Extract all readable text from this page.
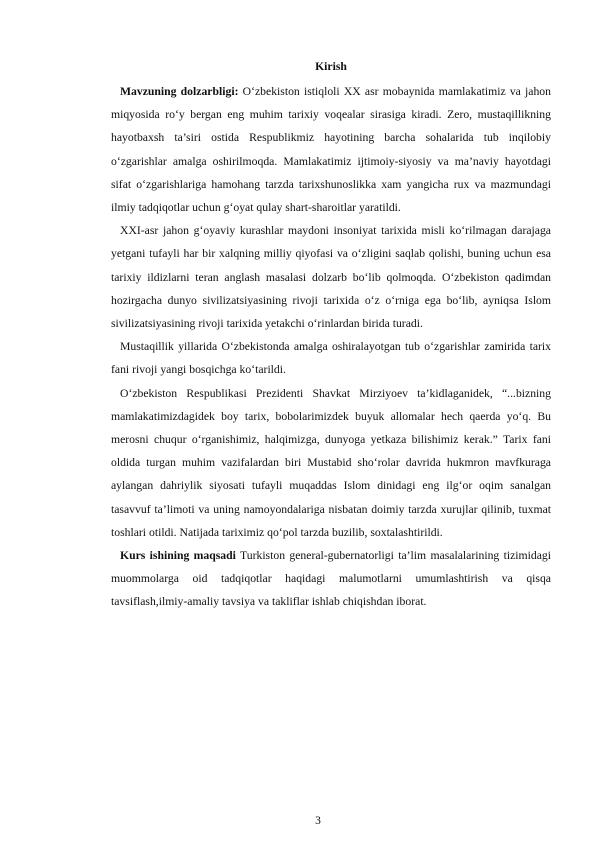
Kirish

Mavzuning dolzarbligi: O‘zbekiston istiqloli XX asr mobaynida mamlakatimiz va jahon miqyosida ro‘y bergan eng muhim tarixiy voqealar sirasiga kiradi. Zero, mustaqillikning hayotbaxsh ta’siri ostida Respublikmiz hayotining barcha sohalarida tub inqilobiy o‘zgarishlar amalga oshirilmoqda. Mamlakatimiz ijtimoiy-siyosiy va ma’naviy hayotdagi sifat o‘zgarishlariga hamohang tarzda tarixshunoslikka xam yangicha rux va mazmundagi ilmiy tadqiqotlar uchun g‘oyat qulay shart-sharoitlar yaratildi.

XXI-asr jahon g‘oyaviy kurashlar maydoni insoniyat tarixida misli ko‘rilmagan darajaga yetgani tufayli har bir xalqning milliy qiyofasi va o‘zligini saqlab qolishi, buning uchun esa tarixiy ildizlarni teran anglash masalasi dolzarb bo‘lib qolmoqda. O‘zbekiston qadimdan hozirgacha dunyo sivilizatsiyasining rivoji tarixida o‘z o‘rniga ega bo‘lib, ayniqsa Islom sivilizatsiyasining rivoji tarixida yetakchi o‘rinlardan birida turadi.

Mustaqillik yillarida O‘zbekistonda amalga oshiralayotgan tub o‘zgarishlar zamirida tarix fani rivoji yangi bosqichga ko‘tarildi.

O‘zbekiston Respublikasi Prezidenti Shavkat Mirziyoev ta’kidlaganidek, “...bizning mamlakatimizdagidek boy tarix, bobolarimizdek buyuk allomalar hech qaerda yo‘q. Bu merosni chuqur o‘rganishimiz, halqimizga, dunyoga yetkaza bilishimiz kerak.” Tarix fani oldida turgan muhim vazifalardan biri Mustabid sho‘rolar davrida hukmron mavfkuraga aylangan dahriylik siyosati tufayli muqaddas Islom dinidagi eng ilg‘or oqim sanalgan tasavvuf ta’limoti va uning namoyondalariga nisbatan doimiy tarzda xurujlar qilinib, tuxmat toshlari otildi. Natijada tariximiz qo‘pol tarzda buzilib, soxtalashtirildi.

Kurs ishining maqsadi Turkiston general-gubernatorligi ta’lim masalalarining tizimidagi muommolarga oid tadqiqotlar haqidagi malumotlarni umumlashtirish va qisqa tavsiflash,ilmiy-amaliy tavsiya va takliflar ishlab chiqishdan iborat.

3
